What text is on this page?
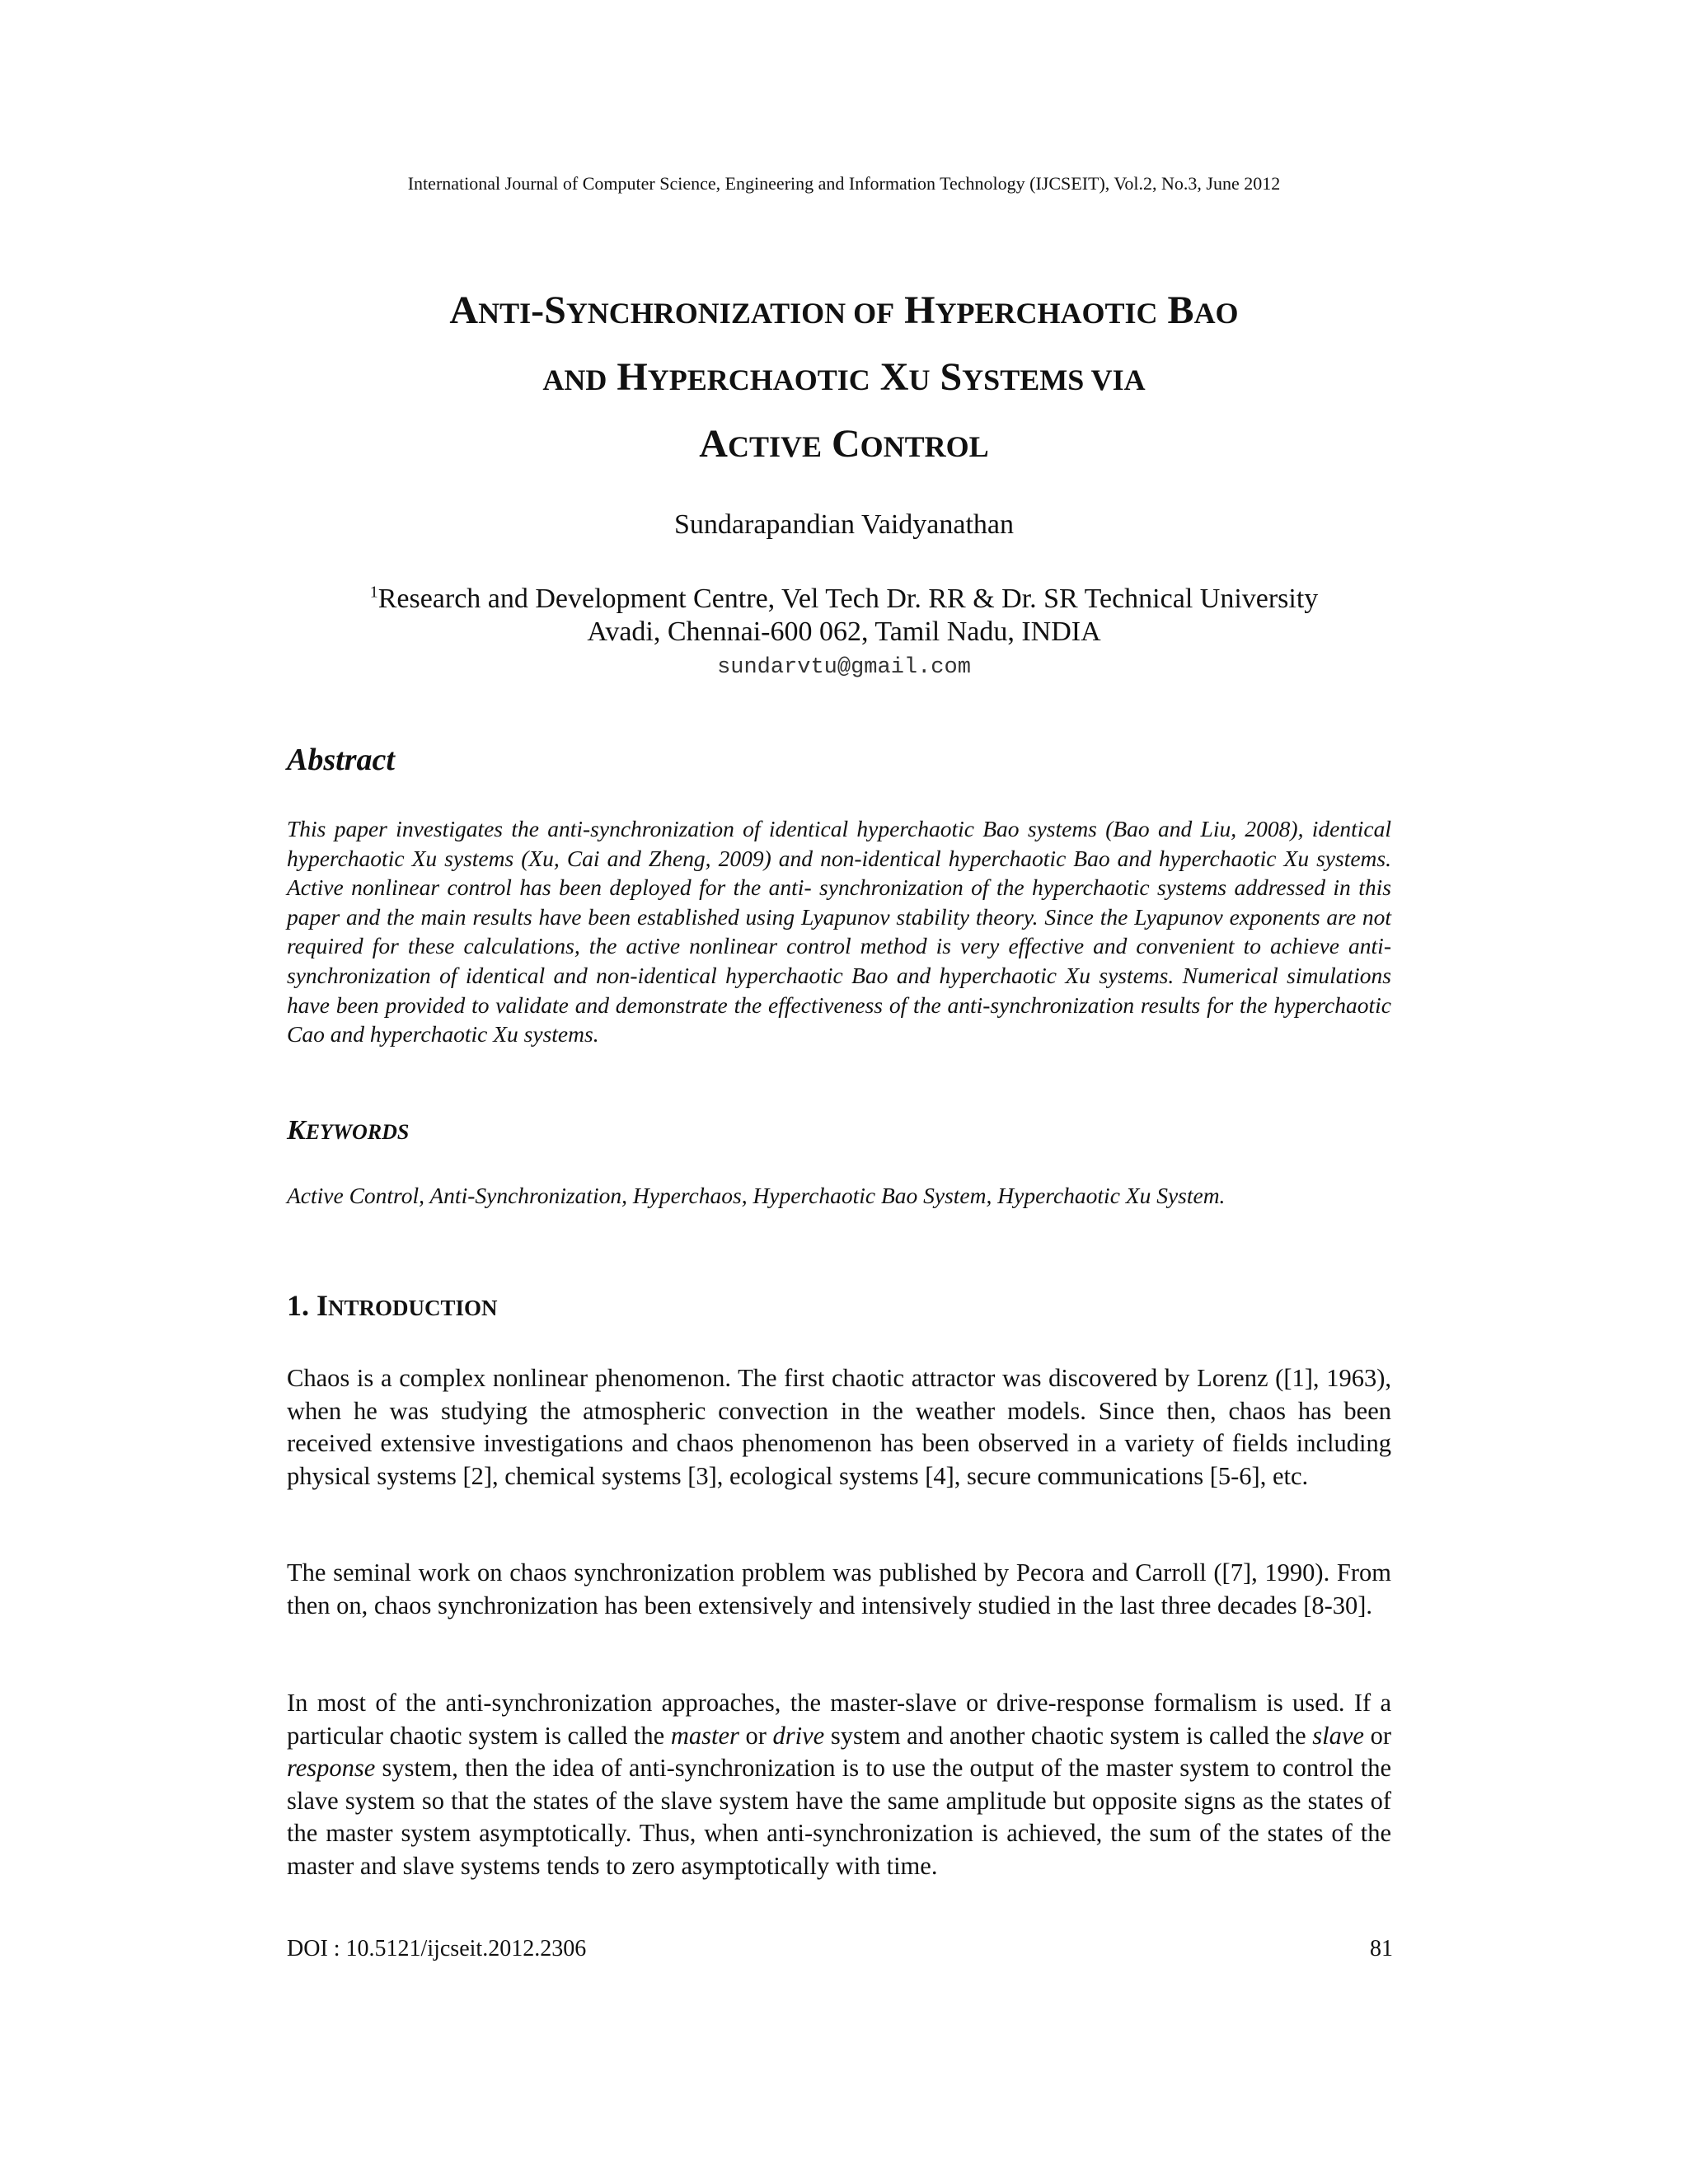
International Journal of Computer Science, Engineering and Information Technology (IJCSEIT), Vol.2, No.3, June 2012
ANTI-SYNCHRONIZATION OF HYPERCHAOTIC BAO
AND HYPERCHAOTIC XU SYSTEMS VIA
ACTIVE CONTROL
Sundarapandian Vaidyanathan
$^1$Research and Development Centre, Vel Tech Dr. RR & Dr. SR Technical University
Avadi, Chennai-600 062, Tamil Nadu, INDIA
sundarvtu@gmail.com
Abstract

This paper investigates the anti-synchronization of identical hyperchaotic Bao systems (Bao and Liu, 2008), identical hyperchaotic Xu systems (Xu, Cai and Zheng, 2009) and non-identical hyperchaotic Bao and hyperchaotic Xu systems. Active nonlinear control has been deployed for the anti- synchronization of the hyperchaotic systems addressed in this paper and the main results have been established using Lyapunov stability theory. Since the Lyapunov exponents are not required for these calculations, the active nonlinear control method is very effective and convenient to achieve anti-synchronization of identical and non-identical hyperchaotic Bao and hyperchaotic Xu systems. Numerical simulations have been provided to validate and demonstrate the effectiveness of the anti-synchronization results for the hyperchaotic Cao and hyperchaotic Xu systems.

KEYWORDS

Active Control, Anti-Synchronization, Hyperchaos, Hyperchaotic Bao System, Hyperchaotic Xu System.

1. INTRODUCTION

Chaos is a complex nonlinear phenomenon. The first chaotic attractor was discovered by Lorenz ([1], 1963), when he was studying the atmospheric convection in the weather models. Since then, chaos has been received extensive investigations and chaos phenomenon has been observed in a variety of fields including physical systems [2], chemical systems [3], ecological systems [4], secure communications [5-6], etc.

The seminal work on chaos synchronization problem was published by Pecora and Carroll ([7], 1990). From then on, chaos synchronization has been extensively and intensively studied in the last three decades [8-30].

In most of the anti-synchronization approaches, the master-slave or drive-response formalism is used. If a particular chaotic system is called the master or drive system and another chaotic system is called the slave or response system, then the idea of anti-synchronization is to use the output of the master system to control the slave system so that the states of the slave system have the same amplitude but opposite signs as the states of the master system asymptotically. Thus, when anti-synchronization is achieved, the sum of the states of the master and slave systems tends to zero asymptotically with time.

DOI : 10.5121/ijcseit.2012.2306	81
